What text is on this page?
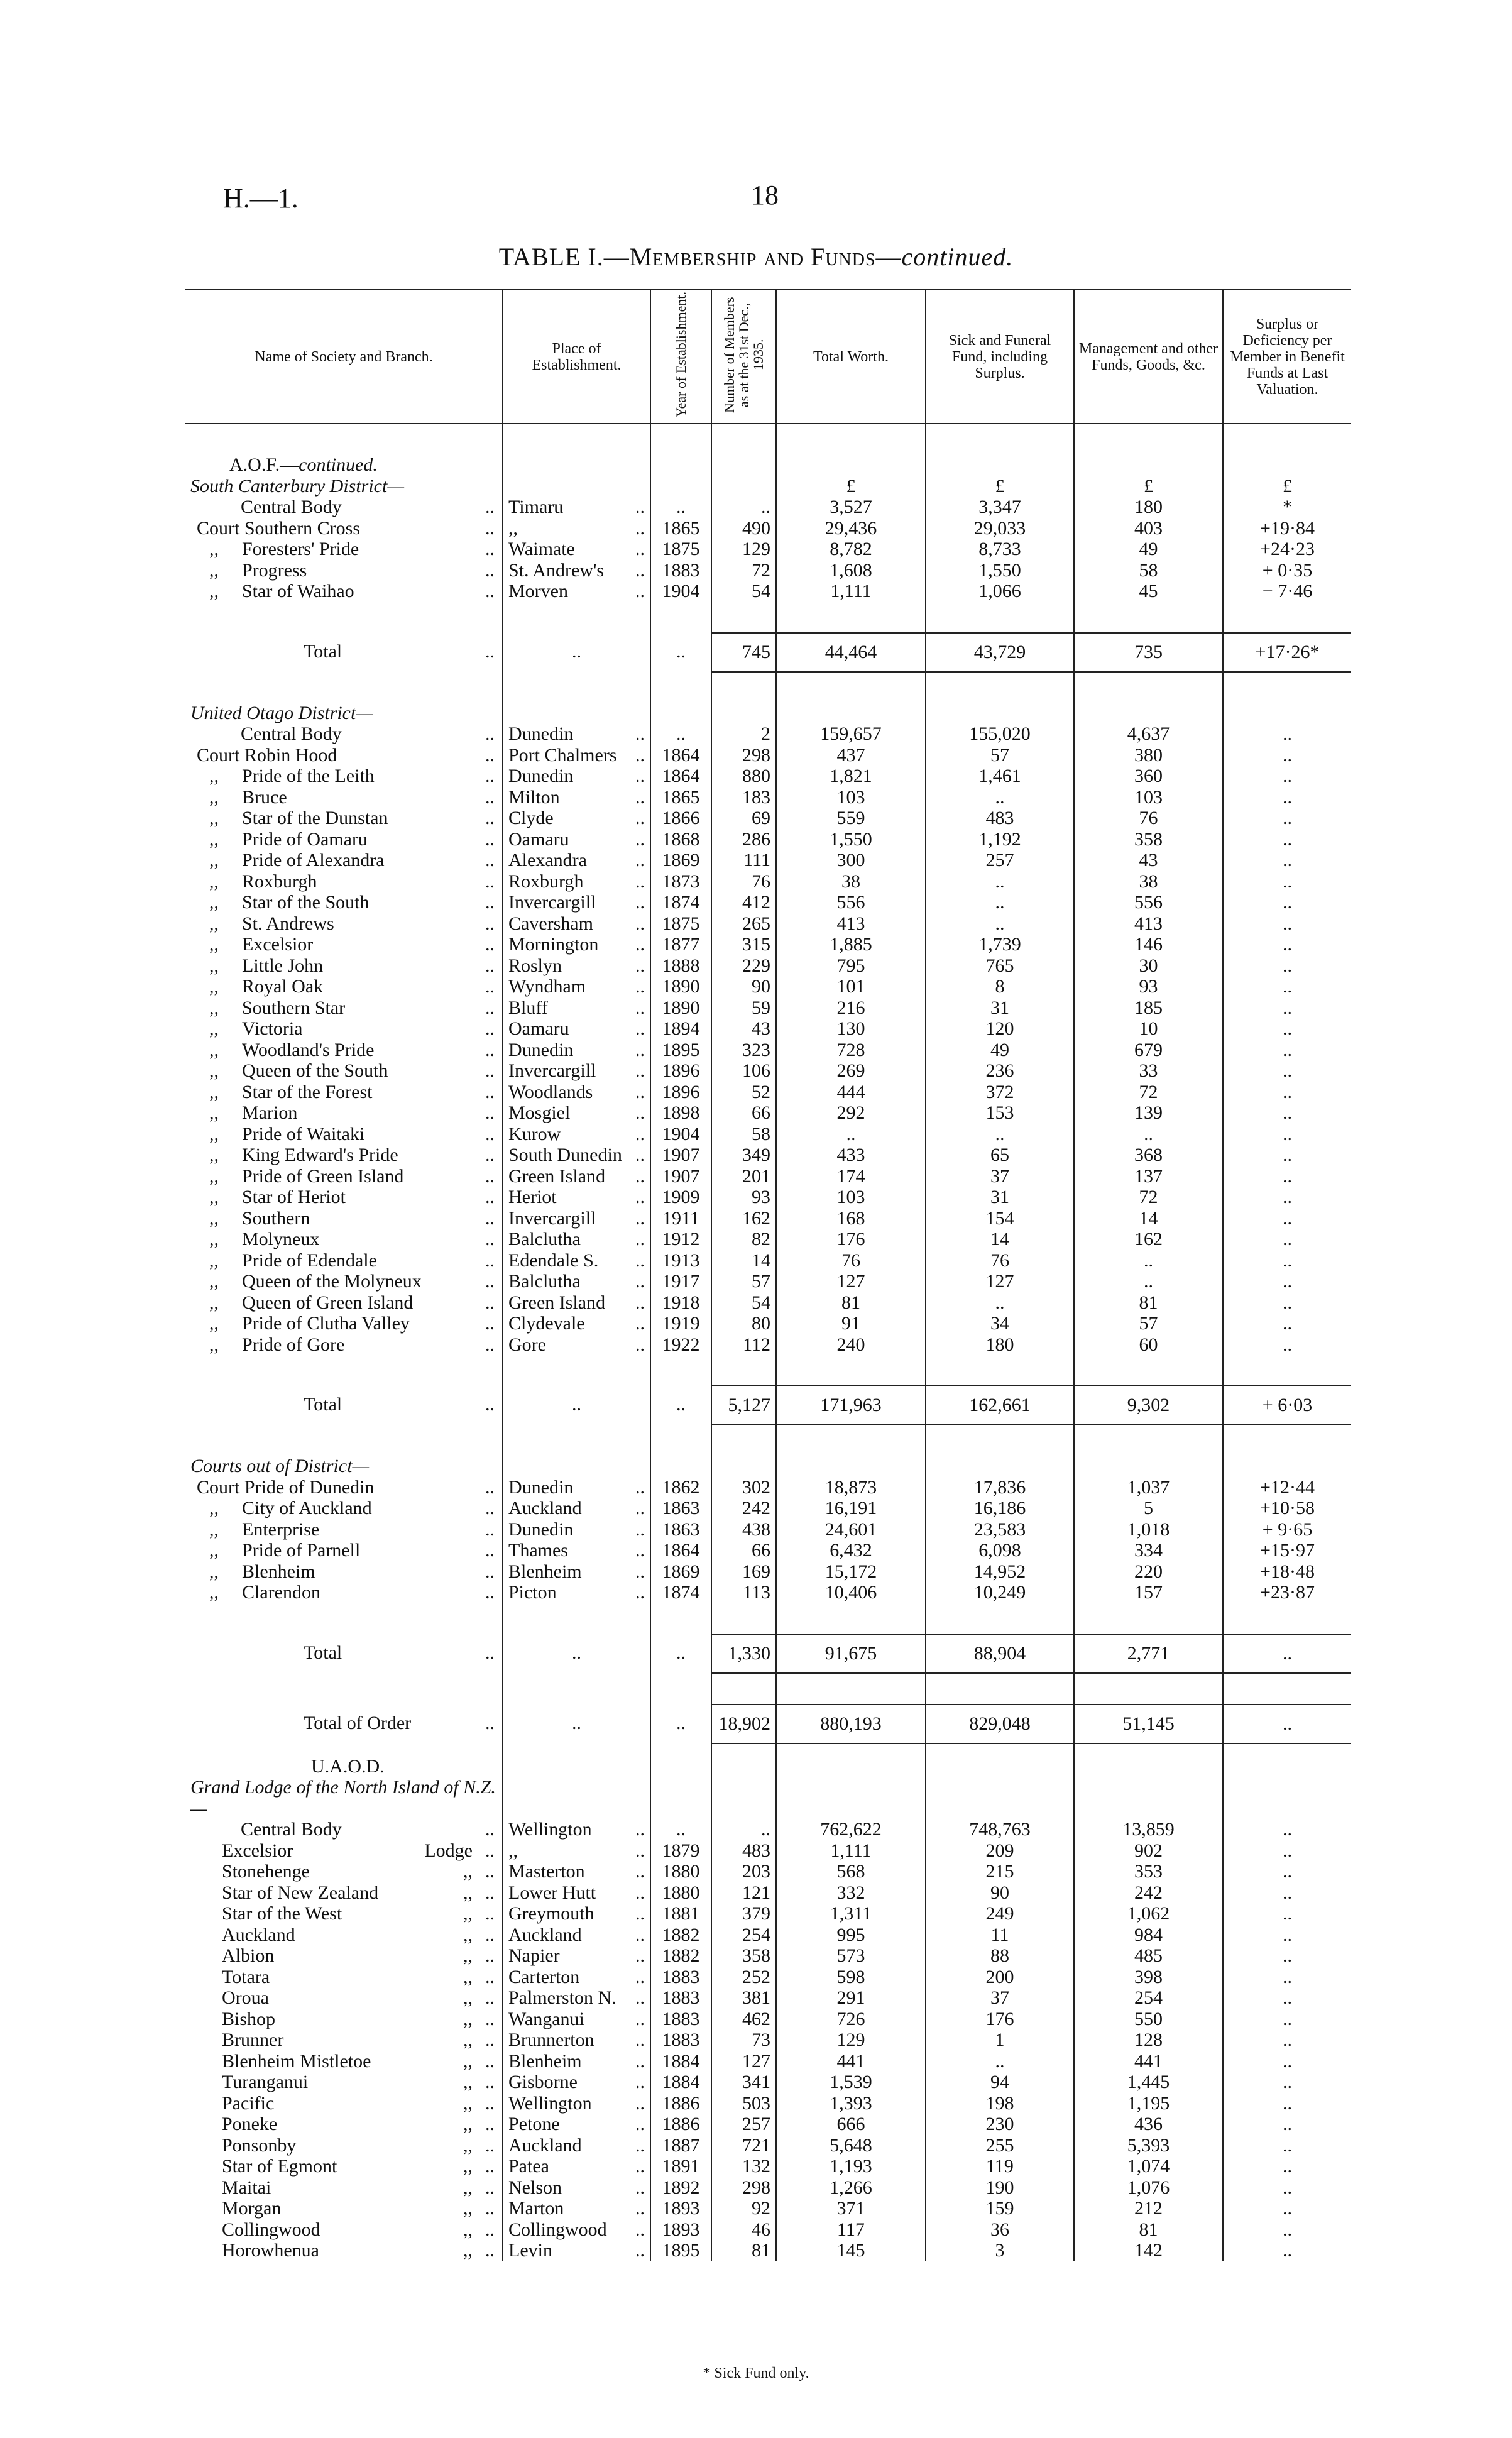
H.—1.	18
TABLE I.—Membership and Funds—continued.
Name of Society and Branch.	Place of Establishment.	Year of Establishment.	Number of Members as at the 31st Dec., 1935.	Total Worth.	Sick and Funeral Fund, including Surplus.	Management and other Funds, Goods, &c.	Surplus or Deficiency per Member in Benefit Funds at Last Valuation.

A.O.F.—continued.							
South Canterbury District—				£	£	£	£

Central Body ..	Timaru ..	..	..	3,527	3,347	180	*

Court Southern Cross ..	,, ..	1865	490	29,436	29,033	403	+19·84

,, Foresters' Pride ..	Waimate ..	1875	129	8,782	8,733	49	+24·23

,, Progress ..	St. Andrew's ..	1883	72	1,608	1,550	58	+ 0·35

,, Star of Waihao ..	Morven ..	1904	54	1,111	1,066	45	− 7·46

Total ..	..	..	745	44,464	43,729	735	+17·26*

United Otago District—							

Central Body ..	Dunedin ..	..	2	159,657	155,020	4,637	..

Court Robin Hood ..	Port Chalmers ..	1864	298	437	57	380	..

,, Pride of the Leith ..	Dunedin ..	1864	880	1,821	1,461	360	..

,, Bruce ..	Milton ..	1865	183	103	..	103	..

,, Star of the Dunstan ..	Clyde ..	1866	69	559	483	76	..

,, Pride of Oamaru ..	Oamaru ..	1868	286	1,550	1,192	358	..

,, Pride of Alexandra ..	Alexandra ..	1869	111	300	257	43	..

,, Roxburgh ..	Roxburgh ..	1873	76	38	..	38	..

,, Star of the South ..	Invercargill ..	1874	412	556	..	556	..

,, St. Andrews ..	Caversham ..	1875	265	413	..	413	..

,, Excelsior ..	Mornington ..	1877	315	1,885	1,739	146	..

,, Little John ..	Roslyn ..	1888	229	795	765	30	..

,, Royal Oak ..	Wyndham ..	1890	90	101	8	93	..

,, Southern Star ..	Bluff ..	1890	59	216	31	185	..

,, Victoria ..	Oamaru ..	1894	43	130	120	10	..

,, Woodland's Pride ..	Dunedin ..	1895	323	728	49	679	..

,, Queen of the South ..	Invercargill ..	1896	106	269	236	33	..

,, Star of the Forest ..	Woodlands ..	1896	52	444	372	72	..

,, Marion ..	Mosgiel ..	1898	66	292	153	139	..

,, Pride of Waitaki ..	Kurow ..	1904	58	..	..	..	..

,, King Edward's Pride ..	South Dunedin ..	1907	349	433	65	368	..

,, Pride of Green Island ..	Green Island ..	1907	201	174	37	137	..

,, Star of Heriot ..	Heriot ..	1909	93	103	31	72	..

,, Southern ..	Invercargill ..	1911	162	168	154	14	..

,, Molyneux ..	Balclutha ..	1912	82	176	14	162	..

,, Pride of Edendale ..	Edendale S. ..	1913	14	76	76	..	..

,, Queen of the Molyneux ..	Balclutha ..	1917	57	127	127	..	..

,, Queen of Green Island ..	Green Island ..	1918	54	81	..	81	..

,, Pride of Clutha Valley ..	Clydevale ..	1919	80	91	34	57	..

,, Pride of Gore ..	Gore ..	1922	112	240	180	60	..

Total ..	..	..	5,127	171,963	162,661	9,302	+ 6·03

Courts out of District—							

Court Pride of Dunedin ..	Dunedin ..	1862	302	18,873	17,836	1,037	+12·44

,, City of Auckland ..	Auckland ..	1863	242	16,191	16,186	5	+10·58

,, Enterprise ..	Dunedin ..	1863	438	24,601	23,583	1,018	+ 9·65

,, Pride of Parnell ..	Thames ..	1864	66	6,432	6,098	334	+15·97

,, Blenheim ..	Blenheim ..	1869	169	15,172	14,952	220	+18·48

,, Clarendon ..	Picton ..	1874	113	10,406	10,249	157	+23·87

Total ..	..	..	1,330	91,675	88,904	2,771	..

Total of Order ..	..	..	18,902	880,193	829,048	51,145	..
U.A.O.D.							
Grand Lodge of the North Island of N.Z.—							

Central Body ..	Wellington ..	..	..	762,622	748,763	13,859	..

Excelsior Lodge ..	,, ..	1879	483	1,111	209	902	..

Stonehenge ,, ..	Masterton ..	1880	203	568	215	353	..

Star of New Zealand ,, ..	Lower Hutt ..	1880	121	332	90	242	..

Star of the West ,, ..	Greymouth ..	1881	379	1,311	249	1,062	..

Auckland ,, ..	Auckland ..	1882	254	995	11	984	..

Albion ,, ..	Napier ..	1882	358	573	88	485	..

Totara ,, ..	Carterton ..	1883	252	598	200	398	..

Oroua ,, ..	Palmerston N. ..	1883	381	291	37	254	..

Bishop ,, ..	Wanganui ..	1883	462	726	176	550	..

Brunner ,, ..	Brunnerton ..	1883	73	129	1	128	..

Blenheim Mistletoe ,, ..	Blenheim ..	1884	127	441	..	441	..

Turanganui ,, ..	Gisborne ..	1884	341	1,539	94	1,445	..

Pacific ,, ..	Wellington ..	1886	503	1,393	198	1,195	..

Poneke ,, ..	Petone ..	1886	257	666	230	436	..

Ponsonby ,, ..	Auckland ..	1887	721	5,648	255	5,393	..

Star of Egmont ,, ..	Patea ..	1891	132	1,193	119	1,074	..

Maitai ,, ..	Nelson ..	1892	298	1,266	190	1,076	..

Morgan ,, ..	Marton ..	1893	92	371	159	212	..

Collingwood ,, ..	Collingwood ..	1893	46	117	36	81	..

Horowhenua ,, ..	Levin ..	1895	81	145	3	142	..
* Sick Fund only.
